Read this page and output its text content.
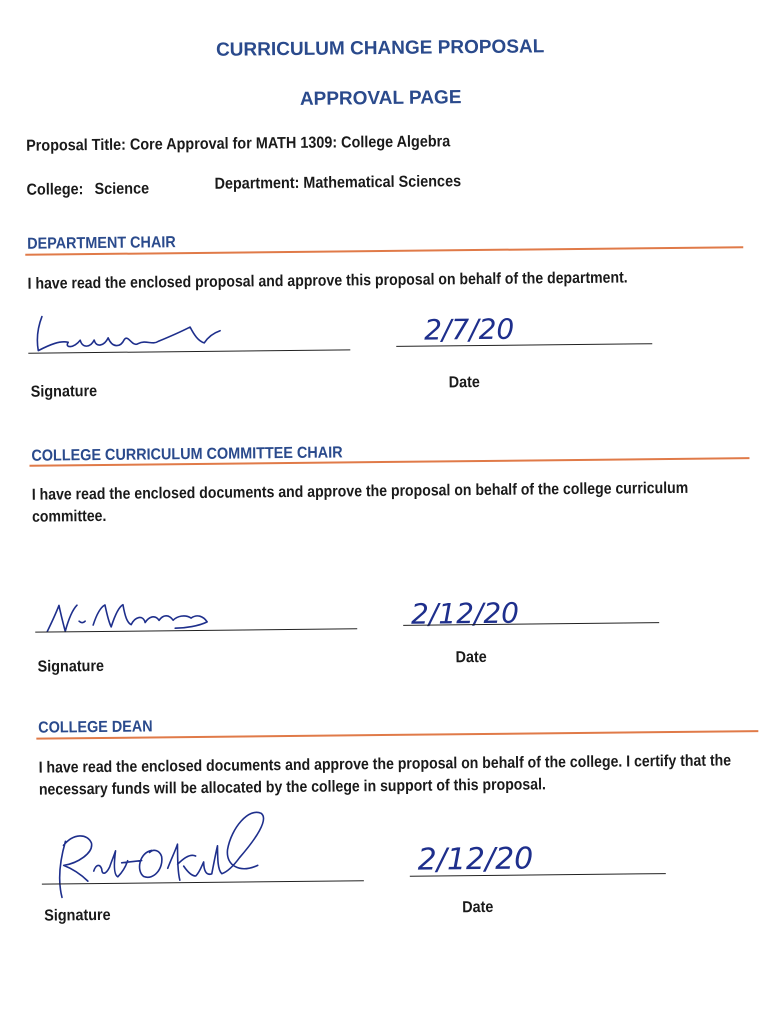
CURRICULUM CHANGE PROPOSAL
APPROVAL PAGE
Proposal Title: Core Approval for MATH 1309: College Algebra
College: Science	Department: Mathematical Sciences
DEPARTMENT CHAIR
I have read the enclosed proposal and approve this proposal on behalf of the department.
2/7/20
Signature
Date
COLLEGE CURRICULUM COMMITTEE CHAIR
I have read the enclosed documents and approve the proposal on behalf of the college curriculum committee.
2/12/20
Signature
Date
COLLEGE DEAN
I have read the enclosed documents and approve the proposal on behalf of the college. I certify that the necessary funds will be allocated by the college in support of this proposal.
2/12/20
Signature	Date
